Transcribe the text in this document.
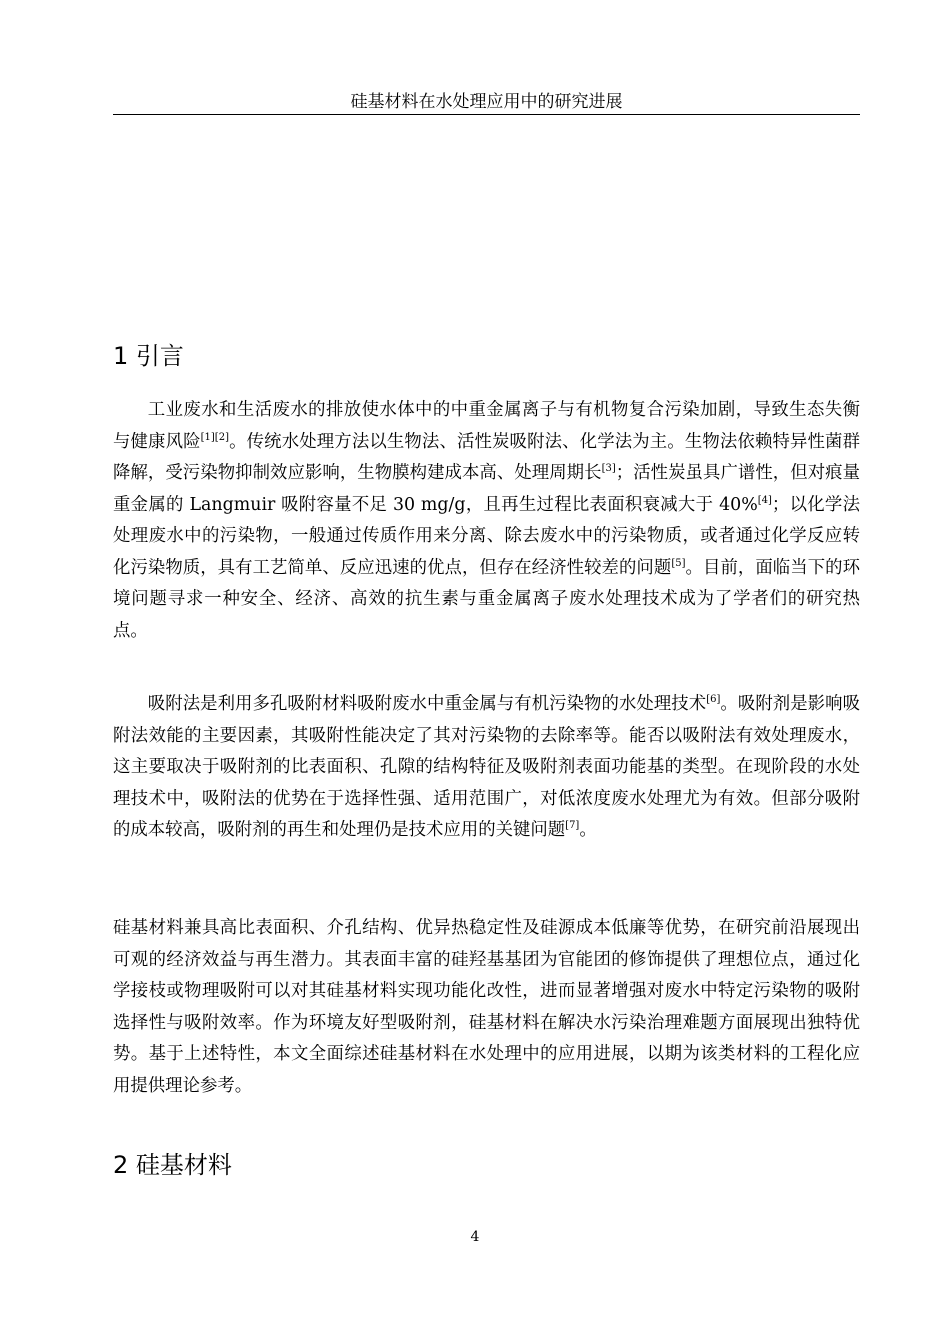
硅基材料在水处理应用中的研究进展
1 引言

工业废水和生活废水的排放使水体中的中重金属离子与有机物复合污染加剧，导致生态失衡与健康风险[1][2]。传统水处理方法以生物法、活性炭吸附法、化学法为主。生物法依赖特异性菌群降解，受污染物抑制效应影响，生物膜构建成本高、处理周期长[3]；活性炭虽具广谱性，但对痕量重金属的 Langmuir 吸附容量不足 30 mg/g，且再生过程比表面积衰减大于 40%[4]；以化学法处理废水中的污染物，一般通过传质作用来分离、除去废水中的污染物质，或者通过化学反应转化污染物质，具有工艺简单、反应迅速的优点，但存在经济性较差的问题[5]。目前，面临当下的环境问题寻求一种安全、经济、高效的抗生素与重金属离子废水处理技术成为了学者们的研究热点。

吸附法是利用多孔吸附材料吸附废水中重金属与有机污染物的水处理技术[6]。吸附剂是影响吸附法效能的主要因素，其吸附性能决定了其对污染物的去除率等。能否以吸附法有效处理废水，这主要取决于吸附剂的比表面积、孔隙的结构特征及吸附剂表面功能基的类型。在现阶段的水处理技术中，吸附法的优势在于选择性强、适用范围广，对低浓度废水处理尤为有效。但部分吸附的成本较高，吸附剂的再生和处理仍是技术应用的关键问题[7]。

硅基材料兼具高比表面积、介孔结构、优异热稳定性及硅源成本低廉等优势，在研究前沿展现出可观的经济效益与再生潜力。其表面丰富的硅羟基基团为官能团的修饰提供了理想位点，通过化学接枝或物理吸附可以对其硅基材料实现功能化改性，进而显著增强对废水中特定污染物的吸附选择性与吸附效率。作为环境友好型吸附剂，硅基材料在解决水污染治理难题方面展现出独特优势。基于上述特性，本文全面综述硅基材料在水处理中的应用进展，以期为该类材料的工程化应用提供理论参考。

2 硅基材料
4
